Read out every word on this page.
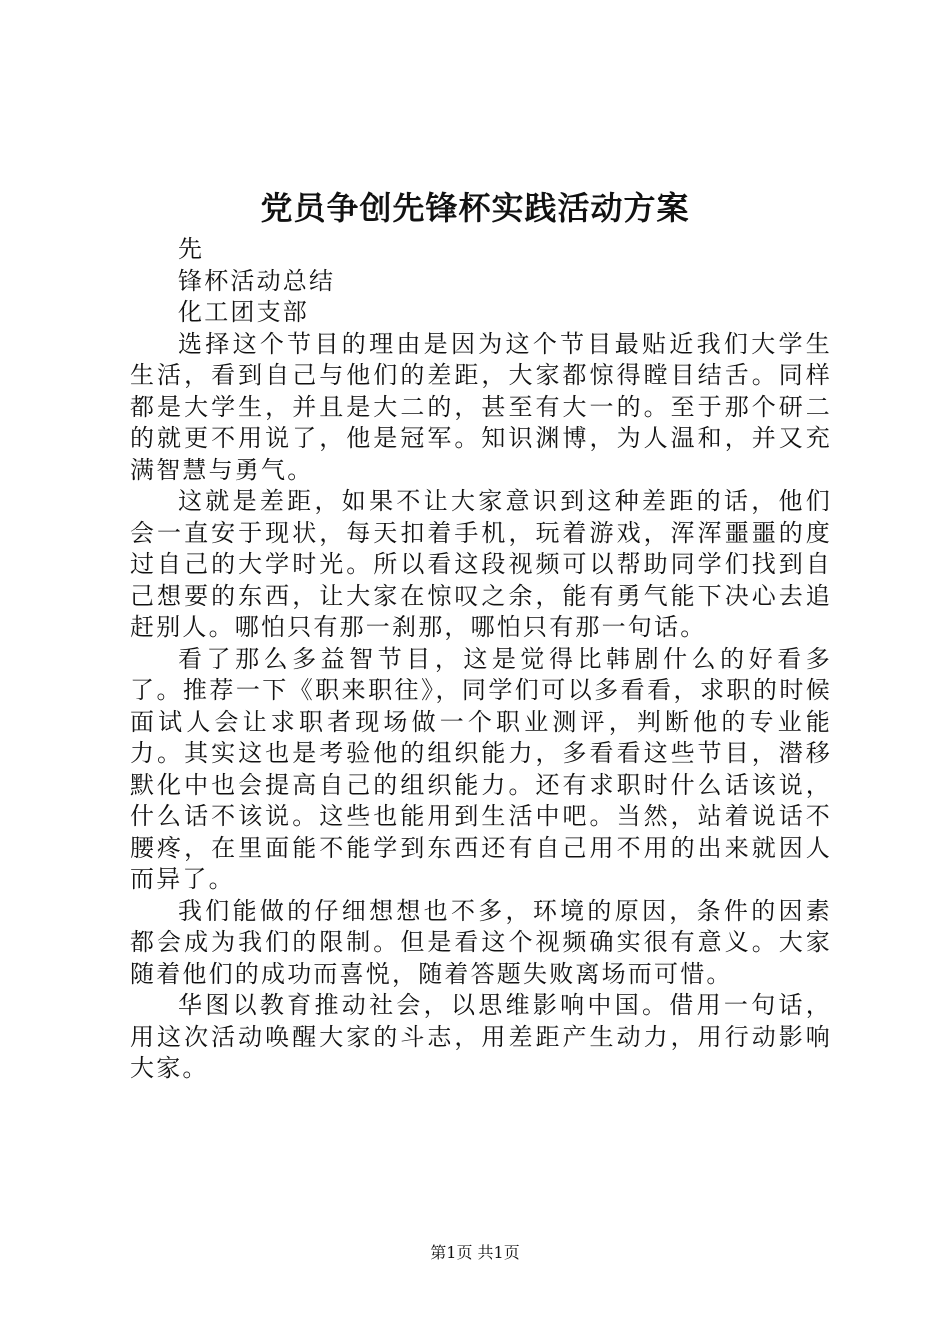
党员争创先锋杯实践活动方案

先

锋杯活动总结

化工团支部

选择这个节目的理由是因为这个节目最贴近我们大学生生活，看到自己与他们的差距，大家都惊得瞠目结舌。同样都是大学生，并且是大二的，甚至有大一的。至于那个研二的就更不用说了，他是冠军。知识渊博，为人温和，并又充满智慧与勇气。

这就是差距，如果不让大家意识到这种差距的话，他们会一直安于现状，每天扣着手机，玩着游戏，浑浑噩噩的度过自己的大学时光。所以看这段视频可以帮助同学们找到自己想要的东西，让大家在惊叹之余，能有勇气能下决心去追赶别人。哪怕只有那一刹那，哪怕只有那一句话。

看了那么多益智节目，这是觉得比韩剧什么的好看多了。推荐一下《职来职往》，同学们可以多看看，求职的时候面试人会让求职者现场做一个职业测评，判断他的专业能力。其实这也是考验他的组织能力，多看看这些节目，潜移默化中也会提高自己的组织能力。还有求职时什么话该说，什么话不该说。这些也能用到生活中吧。当然，站着说话不腰疼，在里面能不能学到东西还有自己用不用的出来就因人而异了。

我们能做的仔细想想也不多，环境的原因，条件的因素都会成为我们的限制。但是看这个视频确实很有意义。大家随着他们的成功而喜悦，随着答题失败离场而可惜。

华图以教育推动社会，以思维影响中国。借用一句话，用这次活动唤醒大家的斗志，用差距产生动力，用行动影响大家。

第1页 共1页
